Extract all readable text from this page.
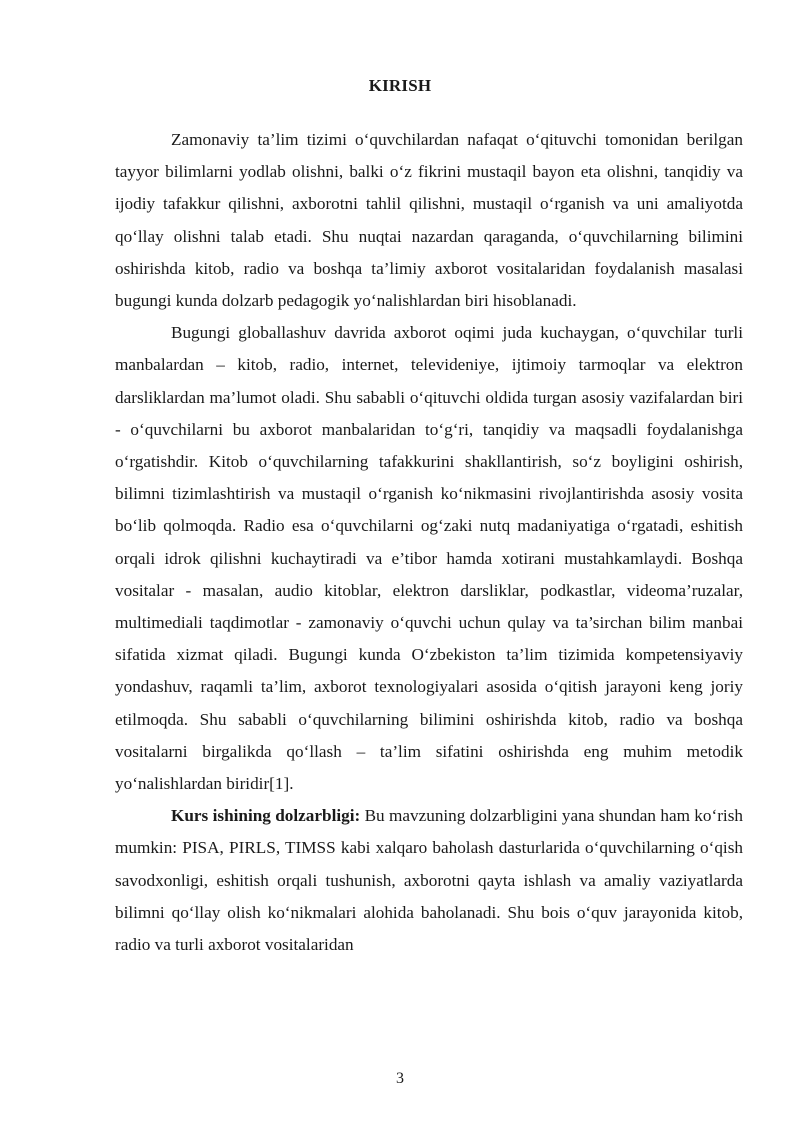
KIRISH

Zamonaviy ta’lim tizimi o‘quvchilardan nafaqat o‘qituvchi tomonidan berilgan tayyor bilimlarni yodlab olishni, balki o‘z fikrini mustaqil bayon eta olishni, tanqidiy va ijodiy tafakkur qilishni, axborotni tahlil qilishni, mustaqil o‘rganish va uni amaliyotda qo‘llay olishni talab etadi. Shu nuqtai nazardan qaraganda, o‘quvchilarning bilimini oshirishda kitob, radio va boshqa ta’limiy axborot vositalaridan foydalanish masalasi bugungi kunda dolzarb pedagogik yo‘nalishlardan biri hisoblanadi.

Bugungi globallashuv davrida axborot oqimi juda kuchaygan, o‘quvchilar turli manbalardan – kitob, radio, internet, televideniye, ijtimoiy tarmoqlar va elektron darsliklardan ma’lumot oladi. Shu sababli o‘qituvchi oldida turgan asosiy vazifalardan biri - o‘quvchilarni bu axborot manbalaridan to‘g‘ri, tanqidiy va maqsadli foydalanishga o‘rgatishdir. Kitob o‘quvchilarning tafakkurini shakllantirish, so‘z boyligini oshirish, bilimni tizimlashtirish va mustaqil o‘rganish ko‘nikmasini rivojlantirishda asosiy vosita bo‘lib qolmoqda. Radio esa o‘quvchilarni og‘zaki nutq madaniyatiga o‘rgatadi, eshitish orqali idrok qilishni kuchaytiradi va e’tibor hamda xotirani mustahkamlaydi. Boshqa vositalar - masalan, audio kitoblar, elektron darsliklar, podkastlar, videoma’ruzalar, multimediali taqdimotlar - zamonaviy o‘quvchi uchun qulay va ta’sirchan bilim manbai sifatida xizmat qiladi. Bugungi kunda O‘zbekiston ta’lim tizimida kompetensiyaviy yondashuv, raqamli ta’lim, axborot texnologiyalari asosida o‘qitish jarayoni keng joriy etilmoqda. Shu sababli o‘quvchilarning bilimini oshirishda kitob, radio va boshqa vositalarni birgalikda qo‘llash – ta’lim sifatini oshirishda eng muhim metodik yo‘nalishlardan biridir[1].

Kurs ishining dolzarbligi: Bu mavzuning dolzarbligini yana shundan ham ko‘rish mumkin: PISA, PIRLS, TIMSS kabi xalqaro baholash dasturlarida o‘quvchilarning o‘qish savodxonligi, eshitish orqali tushunish, axborotni qayta ishlash va amaliy vaziyatlarda bilimni qo‘llay olish ko‘nikmalari alohida baholanadi. Shu bois o‘quv jarayonida kitob, radio va turli axborot vositalaridan

3
